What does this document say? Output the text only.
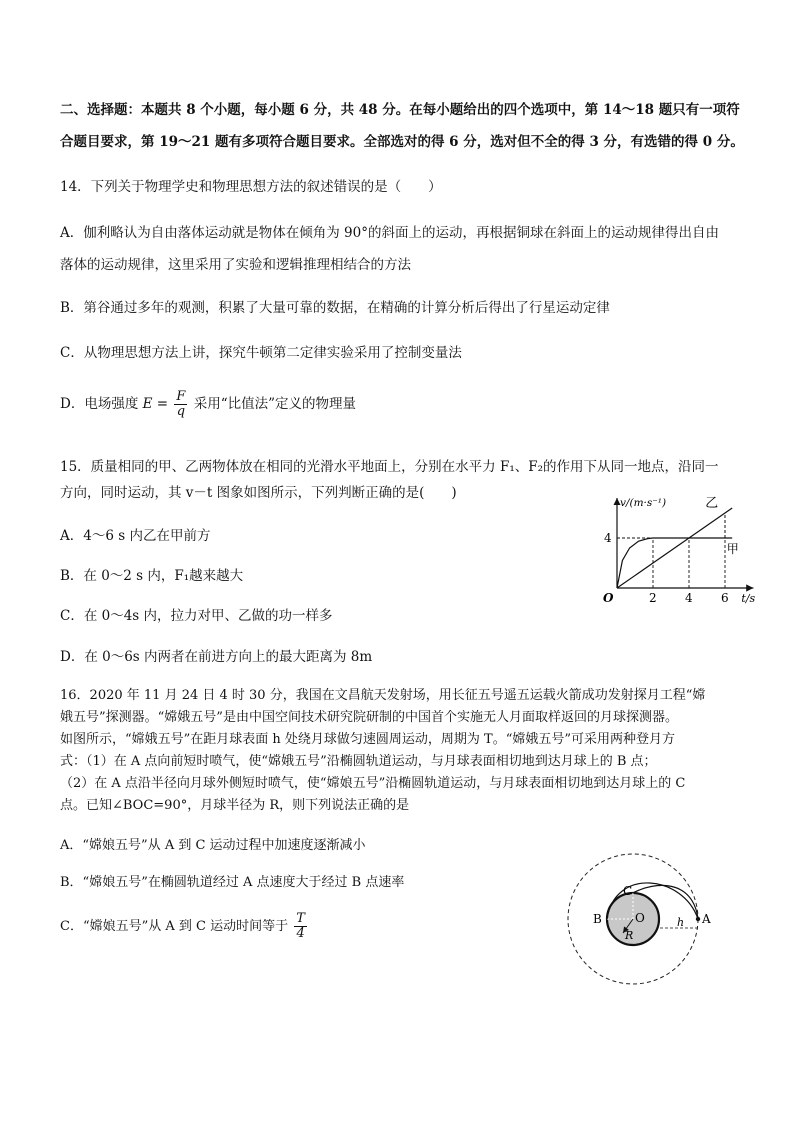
二、选择题：本题共 8 个小题，每小题 6 分，共 48 分。在每小题给出的四个选项中，第 14～18 题只有一项符
合题目要求，第 19～21 题有多项符合题目要求。全部选对的得 6 分，选对但不全的得 3 分，有选错的得 0 分。
14．下列关于物理学史和物理思想方法的叙述错误的是（　　）
A．伽利略认为自由落体运动就是物体在倾角为 90°的斜面上的运动，再根据铜球在斜面上的运动规律得出自由
落体的运动规律，这里采用了实验和逻辑推理相结合的方法
B．第谷通过多年的观测，积累了大量可靠的数据，在精确的计算分析后得出了行星运动定律
C．从物理思想方法上讲，探究牛顿第二定律实验采用了控制变量法
D．电场强度 $E = \frac{F}{q}$ 采用“比值法”定义的物理量
15．质量相同的甲、乙两物体放在相同的光滑水平地面上，分别在水平力 F₁、F₂的作用下从同一地点，沿同一
方向，同时运动，其 v－t 图象如图所示，下列判断正确的是(　　)
A．4～6 s 内乙在甲前方
B．在 0～2 s 内，F₁越来越大
C．在 0～4s 内，拉力对甲、乙做的功一样多
D．在 0～6s 内两者在前进方向上的最大距离为 8m
2 4 6
4
O	t/s
v/(m·s⁻¹)
甲
乙
16．2020 年 11 月 24 日 4 时 30 分，我国在文昌航天发射场，用长征五号遥五运载火箭成功发射探月工程“嫦
娥五号”探测器。“嫦娥五号”是由中国空间技术研究院研制的中国首个实施无人月面取样返回的月球探测器。
如图所示，“嫦娥五号”在距月球表面 h 处绕月球做匀速圆周运动，周期为 T。“嫦娥五号”可采用两种登月方
式：（1）在 A 点向前短时喷气，使“嫦娥五号”沿椭圆轨道运动，与月球表面相切地到达月球上的 B 点；
（2）在 A 点沿半径向月球外侧短时喷气，使“嫦娘五号”沿椭圆轨道运动，与月球表面相切地到达月球上的 C
点。已知∠BOC=90°，月球半径为 R，则下列说法正确的是
A．“嫦娘五号”从 A 到 C 运动过程中加速度逐渐减小
B．“嫦娘五号”在椭圆轨道经过 A 点速度大于经过 B 点速率
C．“嫦娘五号”从 A 到 C 运动时间等于 $\frac{T}{4}$
C
B	O
R
h A
